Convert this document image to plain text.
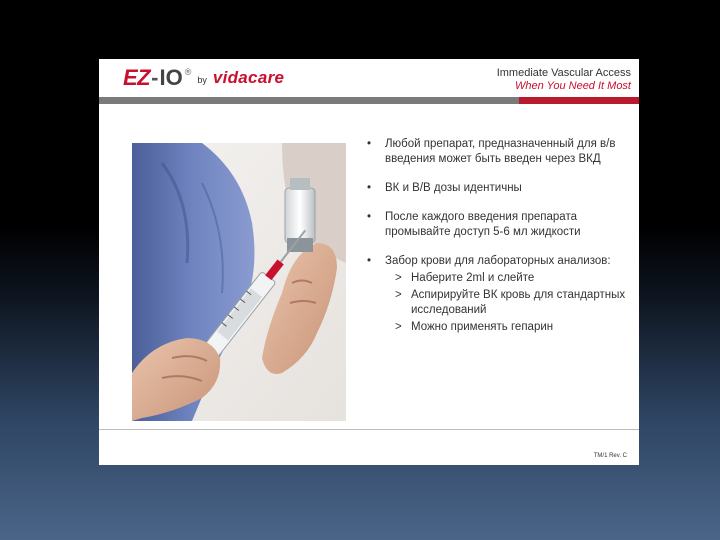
EZ - IO ®
by vidacare	Immediate Vascular Access
When You Need It Most
• Любой препарат, предназначенный для в/в введения может быть введен через ВКД
• ВК и В/В дозы идентичны
• После каждого введения препарата промывайте доступ 5-6 мл жидкости
• Забор крови для лабораторных анализов:
> Наберите 2ml и слейте
> Аспирируйте ВК кровь для стандартных исследований
> Можно применять гепарин
TM/1 Rev. C
